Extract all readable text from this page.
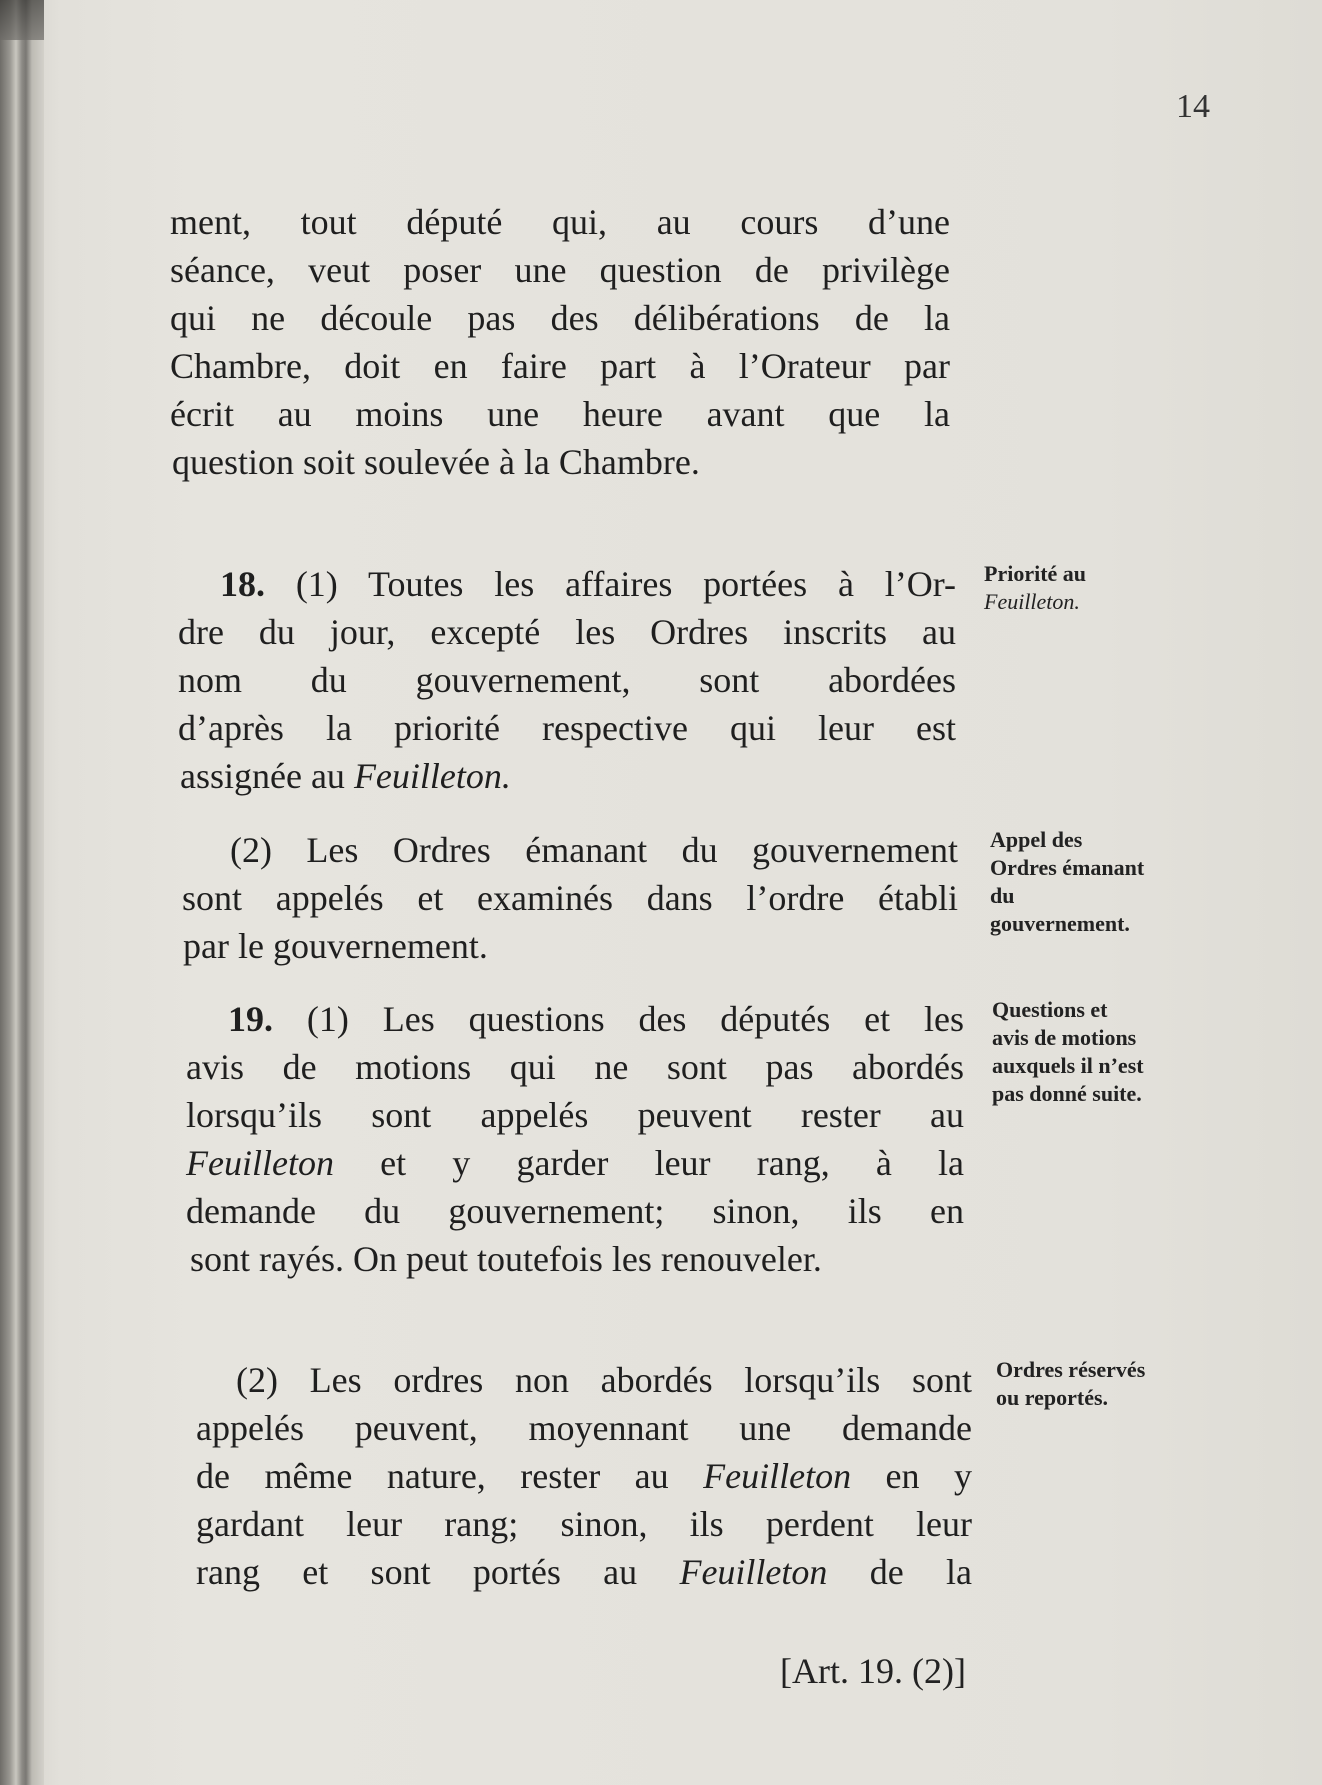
14
ment, tout député qui, au cours d’une
séance, veut poser une question de privilège
qui ne découle pas des délibérations de la
Chambre, doit en faire part à l’Orateur par
écrit au moins une heure avant que la
question soit soulevée à la Chambre.
18. (1) Toutes les affaires portées à l’Or-
dre du jour, excepté les Ordres inscrits au
nom du gouvernement, sont abordées
d’après la priorité respective qui leur est
assignée au Feuilleton.
(2) Les Ordres émanant du gouvernement
sont appelés et examinés dans l’ordre établi
par le gouvernement.
19. (1) Les questions des députés et les
avis de motions qui ne sont pas abordés
lorsqu’ils sont appelés peuvent rester au
Feuilleton et y garder leur rang, à la
demande du gouvernement; sinon, ils en
sont rayés. On peut toutefois les renouveler.
(2) Les ordres non abordés lorsqu’ils sont
appelés peuvent, moyennant une demande
de même nature, rester au Feuilleton en y
gardant leur rang; sinon, ils perdent leur
rang et sont portés au Feuilleton de la
Priorité au
Feuilleton.
Appel des
Ordres émanant
du
gouvernement.
Questions et
avis de motions
auxquels il n’est
pas donné suite.
Ordres réservés
ou reportés.
[Art. 19. (2)]
